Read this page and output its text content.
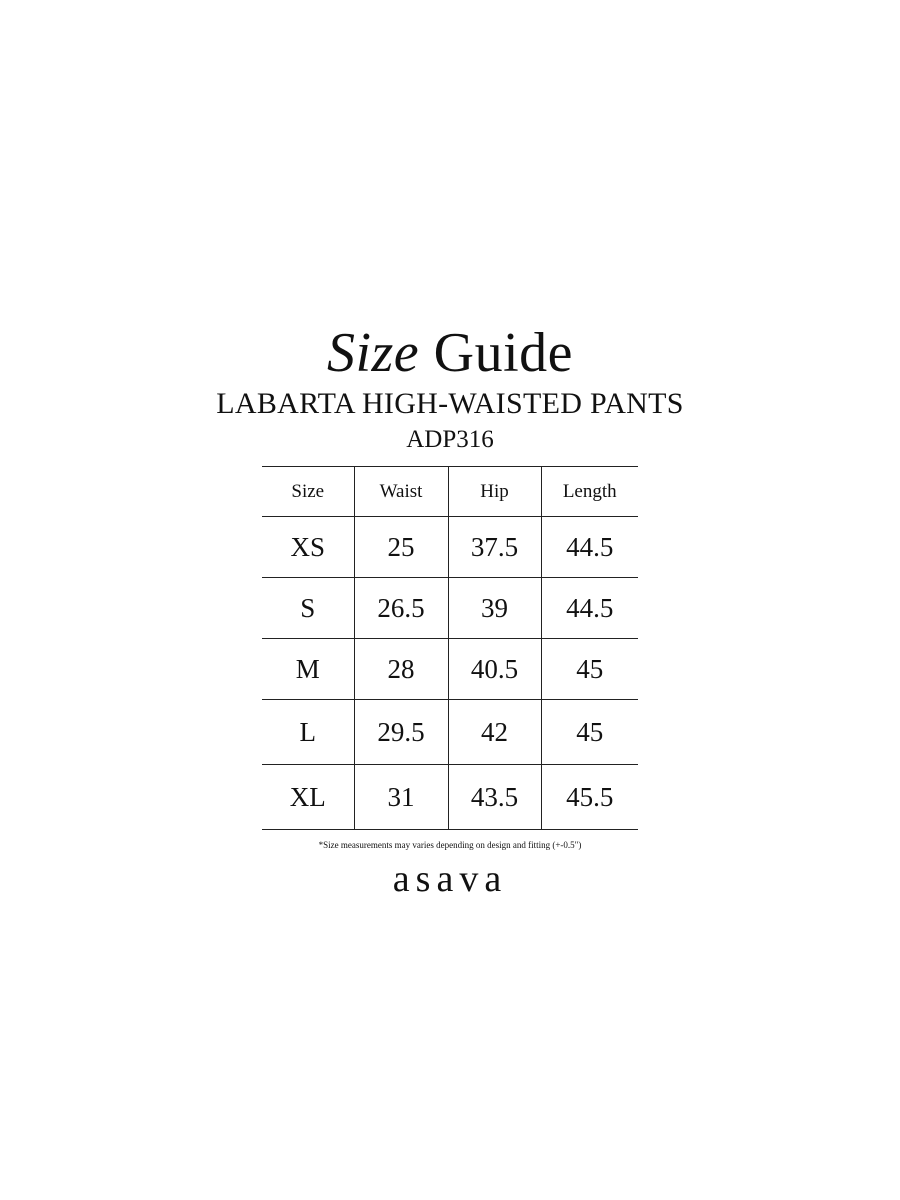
Size Guide
LABARTA HIGH-WAISTED PANTS
ADP316
Size	Waist	Hip	Length
XS	25	37.5	44.5
S	26.5	39	44.5
M	28	40.5	45
L	29.5	42	45
XL	31	43.5	45.5
*Size measurements may varies depending on design and fitting (+-0.5")
asava
